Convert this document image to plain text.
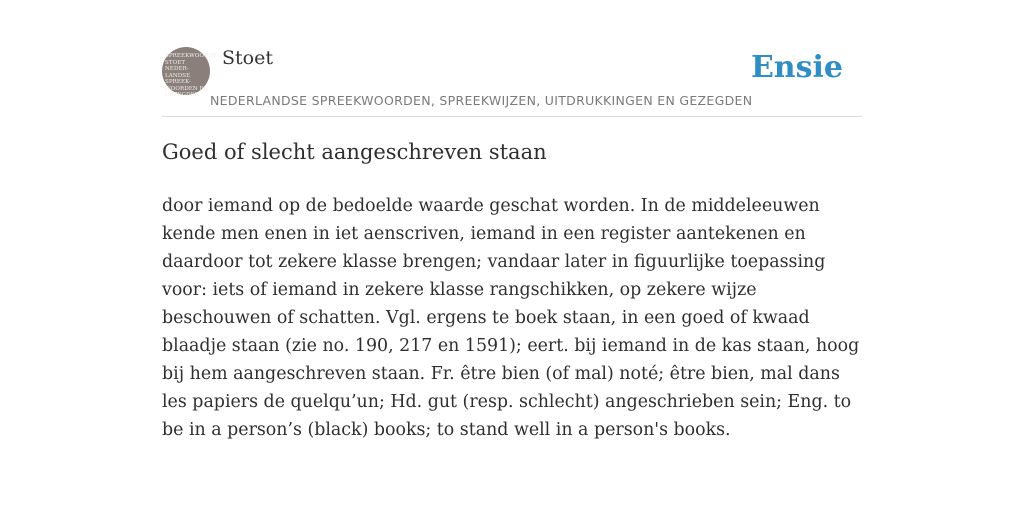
SPREEKWOORDEN
STOET
NEDER-
LANDSE
SPREEK-
WOORDEN EN
GEZEGDEN
Stoet	Ensie
NEDERLANDSE SPREEKWOORDEN, SPREEKWIJZEN, UITDRUKKINGEN EN GEZEGDEN
Goed of slecht aangeschreven staan

door iemand op de bedoelde waarde geschat worden. In de middeleeuwen kende men enen in iet aenscriven, iemand in een register aantekenen en daardoor tot zekere klasse brengen; vandaar later in figuurlijke toepassing voor: iets of iemand in zekere klasse rangschikken, op zekere wijze beschouwen of schatten. Vgl. ergens te boek staan, in een goed of kwaad blaadje staan (zie no. 190, 217 en 1591); eert. bij iemand in de kas staan, hoog bij hem aangeschreven staan. Fr. être bien (of mal) noté; être bien, mal dans les papiers de quelqu’un; Hd. gut (resp. schlecht) angeschrieben sein; Eng. to be in a person’s (black) books; to stand well in a person's books.
